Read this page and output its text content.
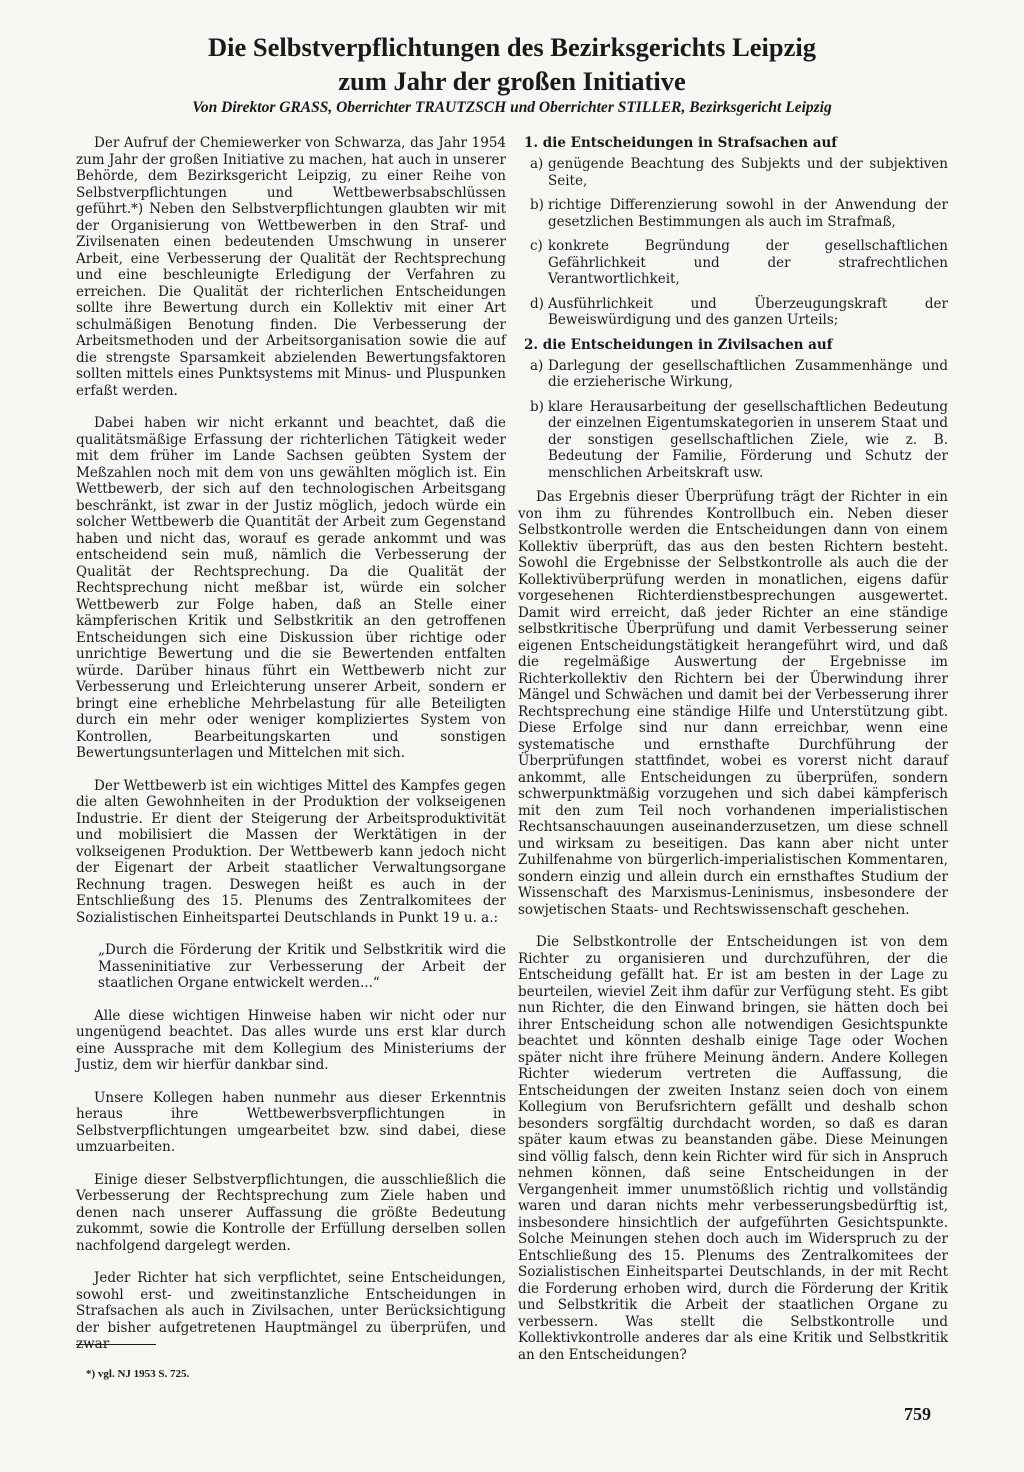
Die Selbstverpflichtungen des Bezirksgerichts Leipzig
zum Jahr der großen Initiative
Von Direktor GRASS, Oberrichter TRAUTZSCH und Oberrichter STILLER, Bezirksgericht Leipzig

Der Aufruf der Chemiewerker von Schwarza, das Jahr 1954 zum Jahr der großen Initiative zu machen, hat auch in unserer Behörde, dem Bezirksgericht Leipzig, zu einer Reihe von Selbstverpflichtungen und Wettbewerbsabschlüssen geführt.*) Neben den Selbstverpflichtungen glaubten wir mit der Organisierung von Wettbewerben in den Straf- und Zivilsenaten einen bedeutenden Umschwung in unserer Arbeit, eine Verbesserung der Qualität der Rechtsprechung und eine beschleunigte Erledigung der Verfahren zu erreichen. Die Qualität der richterlichen Entscheidungen sollte ihre Bewertung durch ein Kollektiv mit einer Art schulmäßigen Benotung finden. Die Verbesserung der Arbeitsmethoden und der Arbeitsorganisation sowie die auf die strengste Sparsamkeit abzielenden Bewertungsfaktoren sollten mittels eines Punktsystems mit Minus- und Pluspunken erfaßt werden.

Dabei haben wir nicht erkannt und beachtet, daß die qualitätsmäßige Erfassung der richterlichen Tätigkeit weder mit dem früher im Lande Sachsen geübten System der Meßzahlen noch mit dem von uns gewählten möglich ist. Ein Wettbewerb, der sich auf den technologischen Arbeitsgang beschränkt, ist zwar in der Justiz möglich, jedoch würde ein solcher Wettbewerb die Quantität der Arbeit zum Gegenstand haben und nicht das, worauf es gerade ankommt und was entscheidend sein muß, nämlich die Verbesserung der Qualität der Rechtsprechung. Da die Qualität der Rechtsprechung nicht meßbar ist, würde ein solcher Wettbewerb zur Folge haben, daß an Stelle einer kämpferischen Kritik und Selbstkritik an den getroffenen Entscheidungen sich eine Diskussion über richtige oder unrichtige Bewertung und die sie Bewertenden entfalten würde. Darüber hinaus führt ein Wettbewerb nicht zur Verbesserung und Erleichterung unserer Arbeit, sondern er bringt eine erhebliche Mehrbelastung für alle Beteiligten durch ein mehr oder weniger kompliziertes System von Kontrollen, Bearbeitungskarten und sonstigen Bewertungsunterlagen und Mittelchen mit sich.

Der Wettbewerb ist ein wichtiges Mittel des Kampfes gegen die alten Gewohnheiten in der Produktion der volkseigenen Industrie. Er dient der Steigerung der Arbeitsproduktivität und mobilisiert die Massen der Werktätigen in der volkseigenen Produktion. Der Wettbewerb kann jedoch nicht der Eigenart der Arbeit staatlicher Verwaltungsorgane Rechnung tragen. Deswegen heißt es auch in der Entschließung des 15. Plenums des Zentralkomitees der Sozialistischen Einheitspartei Deutschlands in Punkt 19 u. a.:

„Durch die Förderung der Kritik und Selbstkritik wird die Masseninitiative zur Verbesserung der Arbeit der staatlichen Organe entwickelt werden...“

Alle diese wichtigen Hinweise haben wir nicht oder nur ungenügend beachtet. Das alles wurde uns erst klar durch eine Aussprache mit dem Kollegium des Ministeriums der Justiz, dem wir hierfür dankbar sind.

Unsere Kollegen haben nunmehr aus dieser Erkenntnis heraus ihre Wettbewerbsverpflichtungen in Selbstverpflichtungen umgearbeitet bzw. sind dabei, diese umzuarbeiten.

Einige dieser Selbstverpflichtungen, die ausschließlich die Verbesserung der Rechtsprechung zum Ziele haben und denen nach unserer Auffassung die größte Bedeutung zukommt, sowie die Kontrolle der Erfüllung derselben sollen nachfolgend dargelegt werden.

Jeder Richter hat sich verpflichtet, seine Entscheidungen, sowohl erst- und zweitinstanzliche Entscheidungen in Strafsachen als auch in Zivilsachen, unter Berücksichtigung der bisher aufgetretenen Hauptmängel zu überprüfen, und zwar

1. die Entscheidungen in Strafsachen auf
a) genügende Beachtung des Subjekts und der subjektiven Seite,
b) richtige Differenzierung sowohl in der Anwendung der gesetzlichen Bestimmungen als auch im Strafmaß,
c) konkrete Begründung der gesellschaftlichen Gefährlichkeit und der strafrechtlichen Verantwortlichkeit,
d) Ausführlichkeit und Überzeugungskraft der Beweiswürdigung und des ganzen Urteils;
2. die Entscheidungen in Zivilsachen auf
a) Darlegung der gesellschaftlichen Zusammenhänge und die erzieherische Wirkung,
b) klare Herausarbeitung der gesellschaftlichen Bedeutung der einzelnen Eigentumskategorien in unserem Staat und der sonstigen gesellschaftlichen Ziele, wie z. B. Bedeutung der Familie, Förderung und Schutz der menschlichen Arbeitskraft usw.

Das Ergebnis dieser Überprüfung trägt der Richter in ein von ihm zu führendes Kontrollbuch ein. Neben dieser Selbstkontrolle werden die Entscheidungen dann von einem Kollektiv überprüft, das aus den besten Richtern besteht. Sowohl die Ergebnisse der Selbstkontrolle als auch die der Kollektivüberprüfung werden in monatlichen, eigens dafür vorgesehenen Richterdienstbesprechungen ausgewertet. Damit wird erreicht, daß jeder Richter an eine ständige selbstkritische Überprüfung und damit Verbesserung seiner eigenen Entscheidungstätigkeit herangeführt wird, und daß die regelmäßige Auswertung der Ergebnisse im Richterkollektiv den Richtern bei der Überwindung ihrer Mängel und Schwächen und damit bei der Verbesserung ihrer Rechtsprechung eine ständige Hilfe und Unterstützung gibt. Diese Erfolge sind nur dann erreichbar, wenn eine systematische und ernsthafte Durchführung der Überprüfungen stattfindet, wobei es vorerst nicht darauf ankommt, alle Entscheidungen zu überprüfen, sondern schwerpunktmäßig vorzugehen und sich dabei kämpferisch mit den zum Teil noch vorhandenen imperialistischen Rechtsanschauungen auseinanderzusetzen, um diese schnell und wirksam zu beseitigen. Das kann aber nicht unter Zuhilfenahme von bürgerlich-imperialistischen Kommentaren, sondern einzig und allein durch ein ernsthaftes Studium der Wissenschaft des Marxismus-Leninismus, insbesondere der sowjetischen Staats- und Rechtswissenschaft geschehen.

Die Selbstkontrolle der Entscheidungen ist von dem Richter zu organisieren und durchzuführen, der die Entscheidung gefällt hat. Er ist am besten in der Lage zu beurteilen, wieviel Zeit ihm dafür zur Verfügung steht. Es gibt nun Richter, die den Einwand bringen, sie hätten doch bei ihrer Entscheidung schon alle notwendigen Gesichtspunkte beachtet und könnten deshalb einige Tage oder Wochen später nicht ihre frühere Meinung ändern. Andere Kollegen Richter wiederum vertreten die Auffassung, die Entscheidungen der zweiten Instanz seien doch von einem Kollegium von Berufsrichtern gefällt und deshalb schon besonders sorgfältig durchdacht worden, so daß es daran später kaum etwas zu beanstanden gäbe. Diese Meinungen sind völlig falsch, denn kein Richter wird für sich in Anspruch nehmen können, daß seine Entscheidungen in der Vergangenheit immer unumstößlich richtig und vollständig waren und daran nichts mehr verbesserungsbedürftig ist, insbesondere hinsichtlich der aufgeführten Gesichtspunkte. Solche Meinungen stehen doch auch im Widerspruch zu der Entschließung des 15. Plenums des Zentralkomitees der Sozialistischen Einheitspartei Deutschlands, in der mit Recht die Forderung erhoben wird, durch die Förderung der Kritik und Selbstkritik die Arbeit der staatlichen Organe zu verbessern. Was stellt die Selbstkontrolle und Kollektivkontrolle anderes dar als eine Kritik und Selbstkritik an den Entscheidungen?

*) vgl. NJ 1953 S. 725.
759
